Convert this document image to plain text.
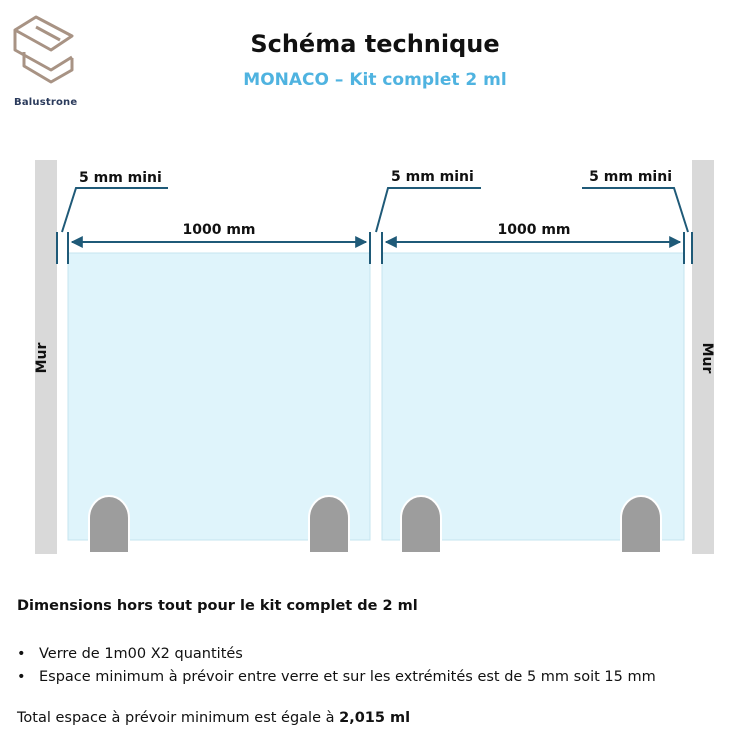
Balustrone
Schéma technique
MONACO – Kit complet 2 ml
Mur	Mur
5 mm mini	5 mm mini	5 mm mini
1000 mm	1000 mm
Dimensions hors tout pour le kit complet de 2 ml
• Verre de 1m00 X2 quantités
• Espace minimum à prévoir entre verre et sur les extrémités est de 5 mm soit 15 mm
Total espace à prévoir minimum est égale à 2,015 ml
